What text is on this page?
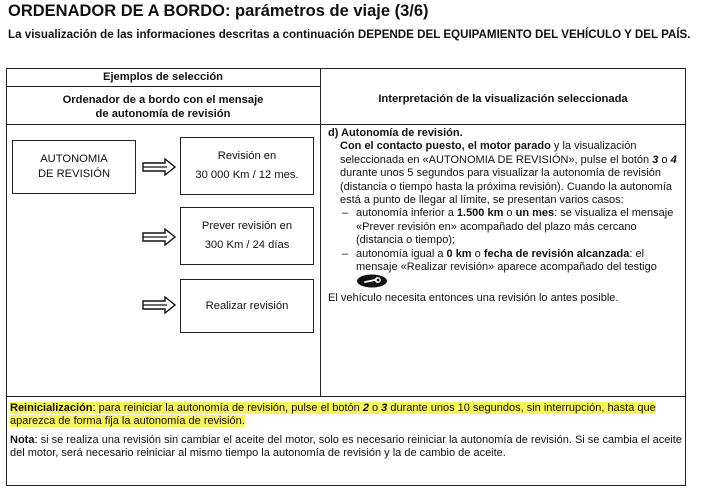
ORDENADOR DE A BORDO: parámetros de viaje (3/6)
La visualización de las informaciones descritas a continuación DEPENDE DEL EQUIPAMIENTO DEL VEHÍCULO Y DEL PAÍS.
Ejemplos de selección
Ordenador de a bordo con el mensaje
de autonomía de revisión
Interpretación de la visualización seleccionada
AUTONOMIA
DE REVISIÓN
Revisión en
30 000 Km / 12 mes.
Prever revisión en
300 Km / 24 días
Realizar revisión
d) Autonomía de revisión.
Con el contacto puesto, el motor parado y la visualización seleccionada en «AUTONOMIA DE REVISIÓN», pulse el botón 3 o 4 durante unos 5 segundos para visualizar la autonomía de revisión (distancia o tiempo hasta la próxima revisión). Cuando la autonomía está a punto de llegar al límite, se presentan varios casos:
– autonomía inferior a 1.500 km o un mes: se visualiza el mensaje «Prever revisión en» acompañado del plazo más cercano (distancia o tiempo);
– autonomía igual a 0 km o fecha de revisión alcanzada: el mensaje «Realizar revisión» aparece acompañado del testigo
El vehículo necesita entonces una revisión lo antes posible.
Reinicialización: para reiniciar la autonomía de revisión, pulse el botón 2 o 3 durante unos 10 segundos, sin interrupción, hasta que aparezca de forma fija la autonomía de revisión.
Nota: si se realiza una revisión sin cambiar el aceite del motor, solo es necesario reiniciar la autonomía de revisión. Si se cambia el aceite del motor, será necesario reiniciar al mismo tiempo la autonomía de revisión y la de cambio de aceite.
